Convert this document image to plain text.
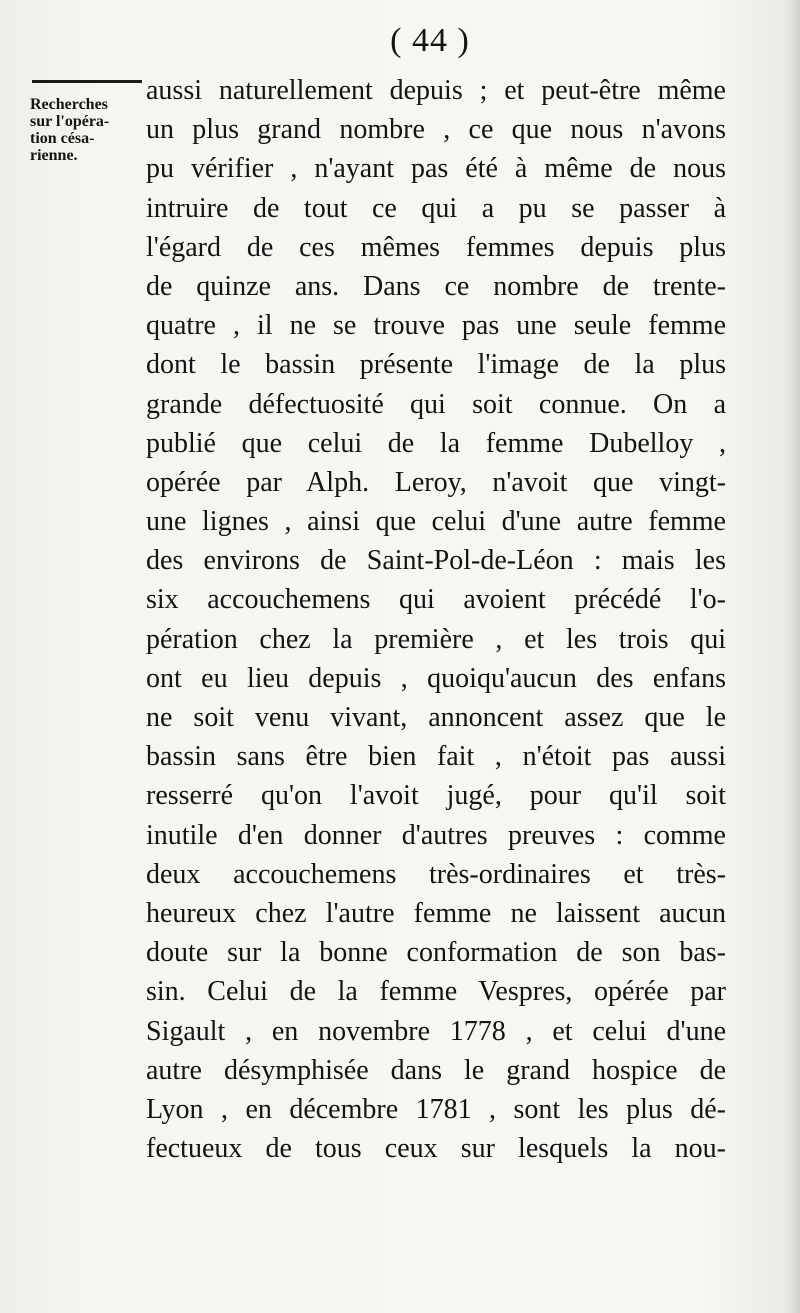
( 44 )
Recherches
sur l'opéra-
tion césa-
rienne.
aussi naturellement depuis ; et peut-être même
un plus grand nombre , ce que nous n'avons
pu vérifier , n'ayant pas été à même de nous
intruire de tout ce qui a pu se passer à
l'égard de ces mêmes femmes depuis plus
de quinze ans. Dans ce nombre de trente-
quatre , il ne se trouve pas une seule femme
dont le bassin présente l'image de la plus
grande défectuosité qui soit connue. On a
publié que celui de la femme Dubelloy ,
opérée par Alph. Leroy, n'avoit que vingt-
une lignes , ainsi que celui d'une autre femme
des environs de Saint-Pol-de-Léon : mais les
six accouchemens qui avoient précédé l'o-
pération chez la première , et les trois qui
ont eu lieu depuis , quoiqu'aucun des enfans
ne soit venu vivant, annoncent assez que le
bassin sans être bien fait , n'étoit pas aussi
resserré qu'on l'avoit jugé, pour qu'il soit
inutile d'en donner d'autres preuves : comme
deux accouchemens très-ordinaires et très-
heureux chez l'autre femme ne laissent aucun
doute sur la bonne conformation de son bas-
sin. Celui de la femme Vespres, opérée par
Sigault , en novembre 1778 , et celui d'une
autre désymphisée dans le grand hospice de
Lyon , en décembre 1781 , sont les plus dé-
fectueux de tous ceux sur lesquels la nou-
